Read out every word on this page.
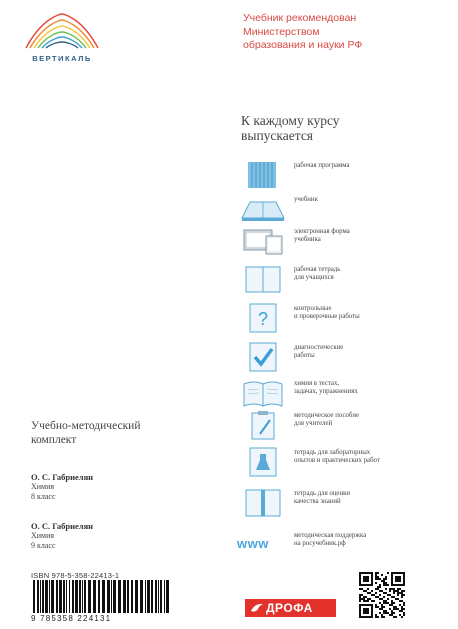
ВЕРТИКАЛЬ
Учебник рекомендован
Министерством
образования и науки РФ
К каждому курсу
выпускается
рабочая программа
учебник
электронная форма
учебника
рабочая тетрадь
для учащихся
?
контрольные
и проверочные работы
диагностические
работы
химия в тестах,
задачах, упражнениях
методическое пособие
для учителей
тетрадь для лабораторных
опытов и практических работ
тетрадь для оценки
качества знаний
www
методическая поддержка
на росучебник.рф
Учебно-методический
комплект
О. С. Габриелян
Химия
8 класс
О. С. Габриелян
Химия
9 класс
ISBN 978-5-358-22413-1
9 785358 224131
ДРОФА
